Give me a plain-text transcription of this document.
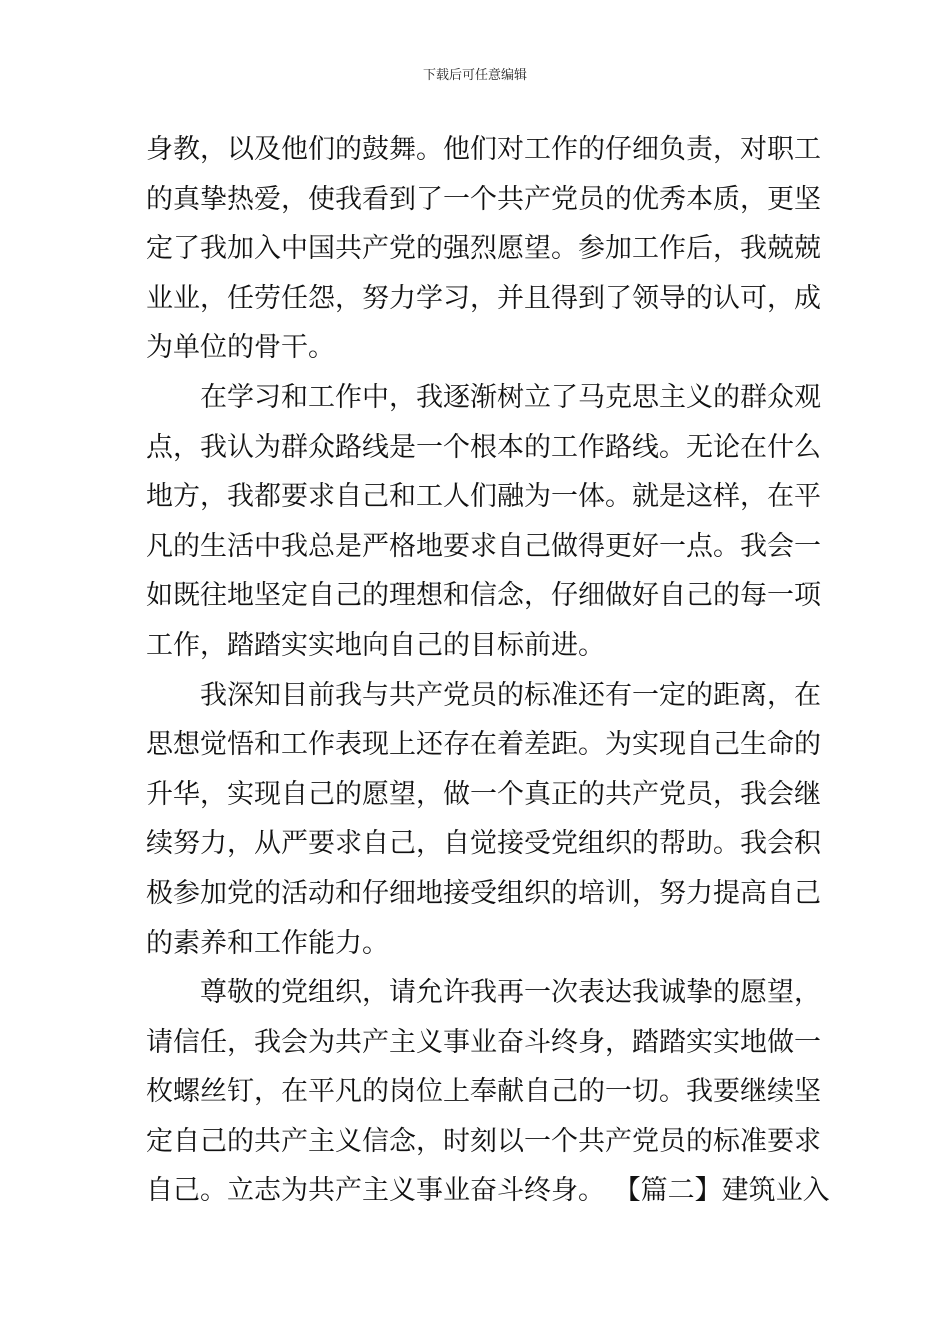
下载后可任意编辑
身教，以及他们的鼓舞。他们对工作的仔细负责，对职工
的真挚热爱，使我看到了一个共产党员的优秀本质，更坚
定了我加入中国共产党的强烈愿望。参加工作后，我兢兢
业业，任劳任怨，努力学习，并且得到了领导的认可，成
为单位的骨干。
在学习和工作中，我逐渐树立了马克思主义的群众观
点，我认为群众路线是一个根本的工作路线。无论在什么
地方，我都要求自己和工人们融为一体。就是这样，在平
凡的生活中我总是严格地要求自己做得更好一点。我会一
如既往地坚定自己的理想和信念，仔细做好自己的每一项
工作，踏踏实实地向自己的目标前进。
我深知目前我与共产党员的标准还有一定的距离，在
思想觉悟和工作表现上还存在着差距。为实现自己生命的
升华，实现自己的愿望，做一个真正的共产党员，我会继
续努力，从严要求自己，自觉接受党组织的帮助。我会积
极参加党的活动和仔细地接受组织的培训，努力提高自己
的素养和工作能力。
尊敬的党组织，请允许我再一次表达我诚挚的愿望，
请信任，我会为共产主义事业奋斗终身，踏踏实实地做一
枚螺丝钉，在平凡的岗位上奉献自己的一切。我要继续坚
定自己的共产主义信念，时刻以一个共产党员的标准要求
自己。立志为共产主义事业奋斗终身。 【篇二】建筑业入
